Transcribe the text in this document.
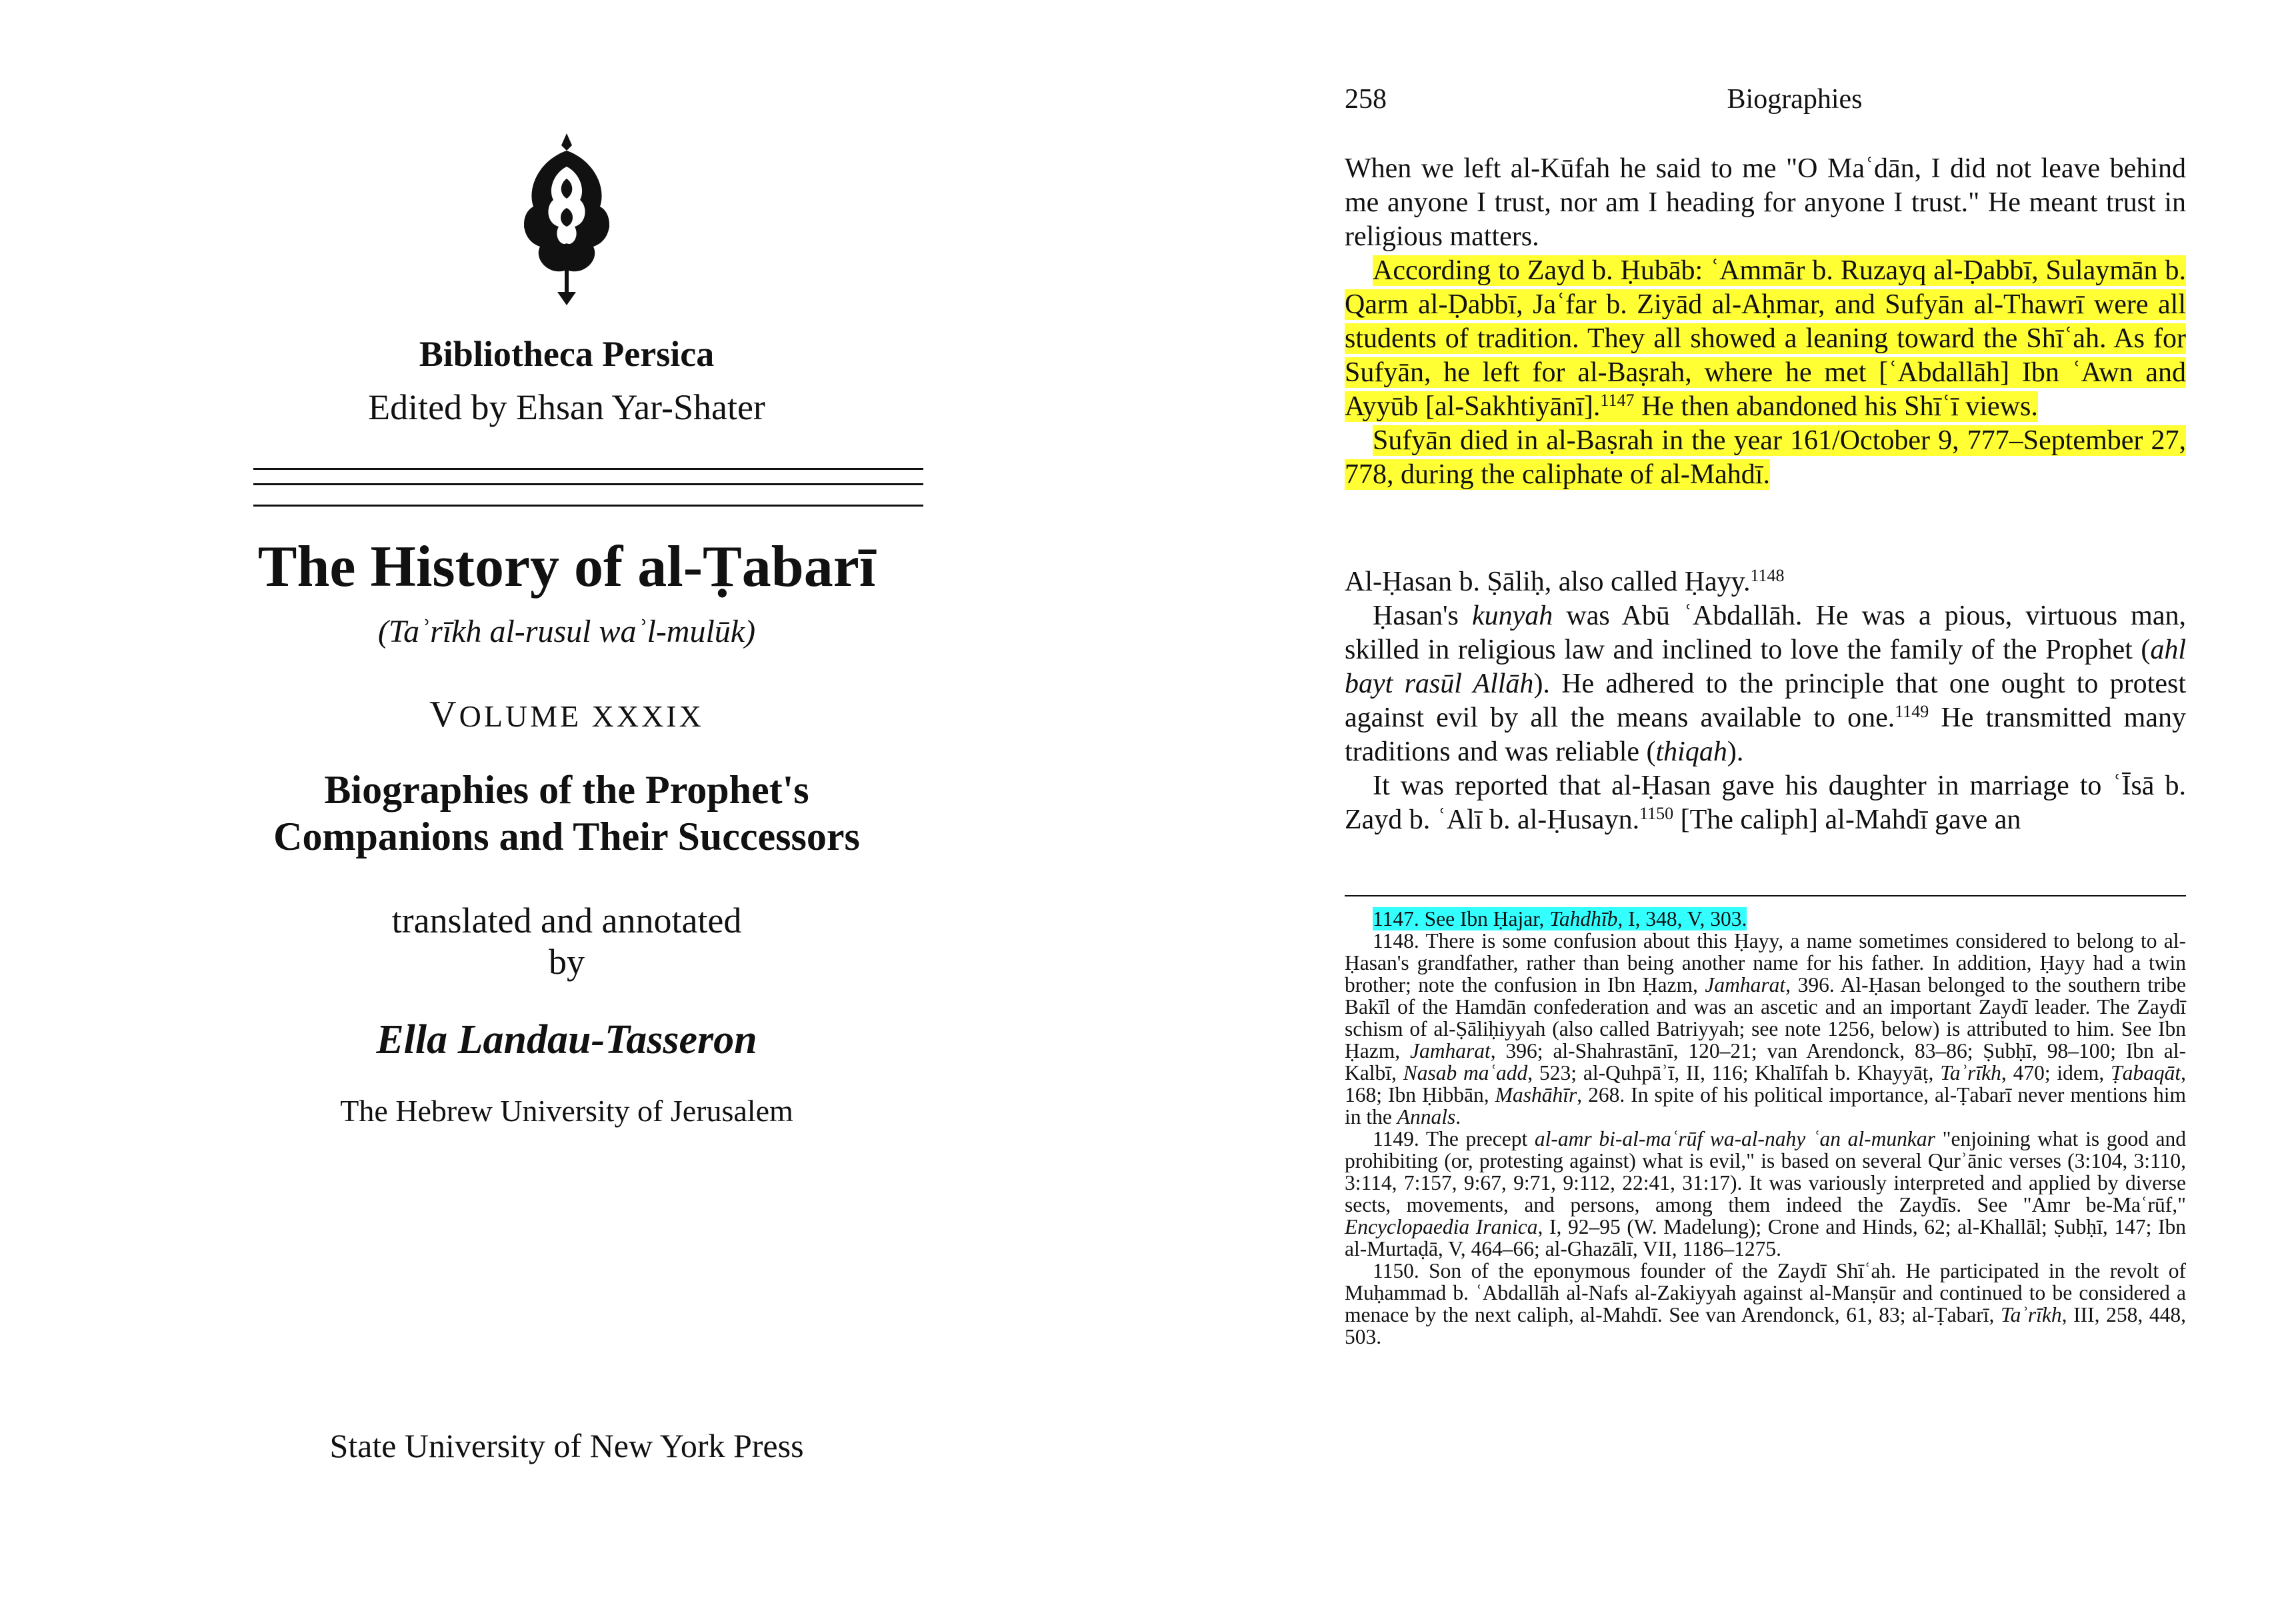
Bibliotheca Persica
Edited by Ehsan Yar-Shater
The History of al-Ṭabarī
(Taʾrīkh al-rusul waʾl-mulūk)
VOLUME XXXIX
Biographies of the Prophet's
Companions and Their Successors
translated and annotated
by
Ella Landau-Tasseron
The Hebrew University of Jerusalem
State University of New York Press
258	Biographies

When we left al-Kūfah he said to me "O Maʿdān, I did not leave behind me anyone I trust, nor am I heading for anyone I trust." He meant trust in religious matters.

According to Zayd b. Ḥubāb: ʿAmmār b. Ruzayq al-Ḍabbī, Sulaymān b. Qarm al-Ḍabbī, Jaʿfar b. Ziyād al-Aḥmar, and Sufyān al-Thawrī were all students of tradition. They all showed a leaning toward the Shīʿah. As for Sufyān, he left for al-Baṣrah, where he met [ʿAbdallāh] Ibn ʿAwn and Ayyūb [al-Sakhtiyānī].$^{1147}$ He then abandoned his Shīʿī views.

Sufyān died in al-Baṣrah in the year 161/October 9, 777–September 27, 778, during the caliphate of al-Mahdī.

Al-Ḥasan b. Ṣāliḥ, also called Ḥayy.$^{1148}$

Ḥasan's kunyah was Abū ʿAbdallāh. He was a pious, virtuous man, skilled in religious law and inclined to love the family of the Prophet (ahl bayt rasūl Allāh). He adhered to the principle that one ought to protest against evil by all the means available to one.$^{1149}$ He transmitted many traditions and was reliable (thiqah).

It was reported that al-Ḥasan gave his daughter in marriage to ʿĪsā b. Zayd b. ʿAlī b. al-Ḥusayn.$^{1150}$ [The caliph] al-Mahdī gave an

1147. See Ibn Ḥajar, Tahdhīb, I, 348, V, 303.

1148. There is some confusion about this Ḥayy, a name sometimes considered to belong to al-Ḥasan's grandfather, rather than being another name for his father. In addition, Ḥayy had a twin brother; note the confusion in Ibn Ḥazm, Jamharat, 396. Al-Ḥasan belonged to the southern tribe Bakīl of the Hamdān confederation and was an ascetic and an important Zaydī leader. The Zaydī schism of al-Ṣāliḥiyyah (also called Batriyyah; see note 1256, below) is attributed to him. See Ibn Ḥazm, Jamharat, 396; al-Shahrastānī, 120–21; van Arendonck, 83–86; Ṣubḥī, 98–100; Ibn al-Kalbī, Nasab maʿadd, 523; al-Quhpāʾī, II, 116; Khalīfah b. Khayyāṭ, Taʾrīkh, 470; idem, Ṭabaqāt, 168; Ibn Ḥibbān, Mashāhīr, 268. In spite of his political importance, al-Ṭabarī never mentions him in the Annals.

1149. The precept al-amr bi-al-maʿrūf wa-al-nahy ʿan al-munkar "enjoining what is good and prohibiting (or, protesting against) what is evil," is based on several Qurʾānic verses (3:104, 3:110, 3:114, 7:157, 9:67, 9:71, 9:112, 22:41, 31:17). It was variously interpreted and applied by diverse sects, movements, and persons, among them indeed the Zaydīs. See "Amr be-Maʿrūf," Encyclopaedia Iranica, I, 92–95 (W. Madelung); Crone and Hinds, 62; al-Khallāl; Ṣubḥī, 147; Ibn al-Murtaḍā, V, 464–66; al-Ghazālī, VII, 1186–1275.

1150. Son of the eponymous founder of the Zaydī Shīʿah. He participated in the revolt of Muḥammad b. ʿAbdallāh al-Nafs al-Zakiyyah against al-Manṣūr and continued to be considered a menace by the next caliph, al-Mahdī. See van Arendonck, 61, 83; al-Ṭabarī, Taʾrīkh, III, 258, 448, 503.
